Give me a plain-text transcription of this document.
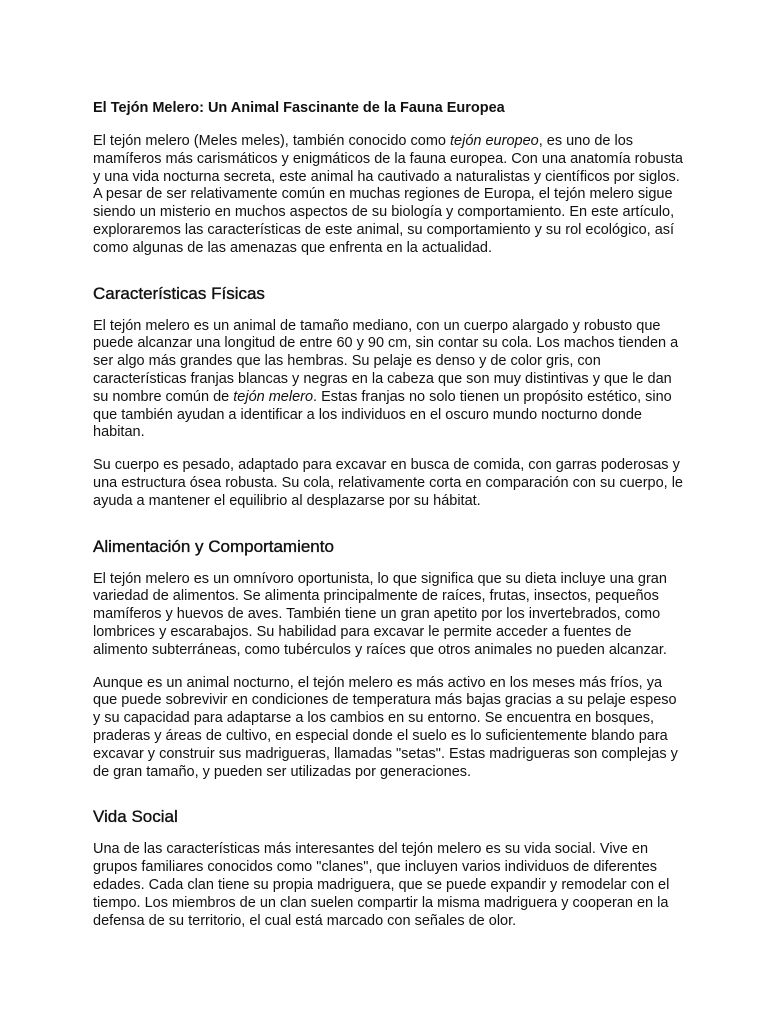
El Tejón Melero: Un Animal Fascinante de la Fauna Europea

El tejón melero (Meles meles), también conocido como tejón europeo, es uno de los mamíferos más carismáticos y enigmáticos de la fauna europea. Con una anatomía robusta y una vida nocturna secreta, este animal ha cautivado a naturalistas y científicos por siglos. A pesar de ser relativamente común en muchas regiones de Europa, el tejón melero sigue siendo un misterio en muchos aspectos de su biología y comportamiento. En este artículo, exploraremos las características de este animal, su comportamiento y su rol ecológico, así como algunas de las amenazas que enfrenta en la actualidad.

Características Físicas

El tejón melero es un animal de tamaño mediano, con un cuerpo alargado y robusto que puede alcanzar una longitud de entre 60 y 90 cm, sin contar su cola. Los machos tienden a ser algo más grandes que las hembras. Su pelaje es denso y de color gris, con características franjas blancas y negras en la cabeza que son muy distintivas y que le dan su nombre común de tejón melero. Estas franjas no solo tienen un propósito estético, sino que también ayudan a identificar a los individuos en el oscuro mundo nocturno donde habitan.

Su cuerpo es pesado, adaptado para excavar en busca de comida, con garras poderosas y una estructura ósea robusta. Su cola, relativamente corta en comparación con su cuerpo, le ayuda a mantener el equilibrio al desplazarse por su hábitat.

Alimentación y Comportamiento

El tejón melero es un omnívoro oportunista, lo que significa que su dieta incluye una gran variedad de alimentos. Se alimenta principalmente de raíces, frutas, insectos, pequeños mamíferos y huevos de aves. También tiene un gran apetito por los invertebrados, como lombrices y escarabajos. Su habilidad para excavar le permite acceder a fuentes de alimento subterráneas, como tubérculos y raíces que otros animales no pueden alcanzar.

Aunque es un animal nocturno, el tejón melero es más activo en los meses más fríos, ya que puede sobrevivir en condiciones de temperatura más bajas gracias a su pelaje espeso y su capacidad para adaptarse a los cambios en su entorno. Se encuentra en bosques, praderas y áreas de cultivo, en especial donde el suelo es lo suficientemente blando para excavar y construir sus madrigueras, llamadas "setas". Estas madrigueras son complejas y de gran tamaño, y pueden ser utilizadas por generaciones.

Vida Social

Una de las características más interesantes del tejón melero es su vida social. Vive en grupos familiares conocidos como "clanes", que incluyen varios individuos de diferentes edades. Cada clan tiene su propia madriguera, que se puede expandir y remodelar con el tiempo. Los miembros de un clan suelen compartir la misma madriguera y cooperan en la defensa de su territorio, el cual está marcado con señales de olor.
